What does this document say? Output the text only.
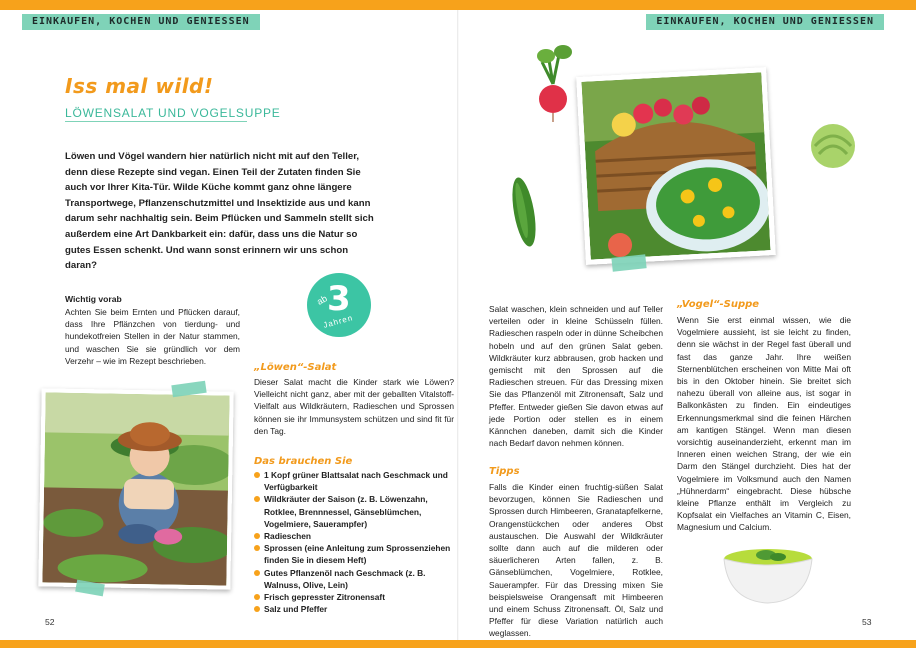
EINKAUFEN, KOCHEN UND GENIESSEN	EINKAUFEN, KOCHEN UND GENIESSEN
Iss mal wild!
LÖWENSALAT UND VOGELSUPPE

Löwen und Vögel wandern hier natürlich nicht mit auf den Teller, denn diese Rezepte sind vegan. Einen Teil der Zutaten finden Sie auch vor Ihrer Kita-Tür. Wilde Küche kommt ganz ohne längere Transportwege, Pflanzenschutzmittel und Insektizide aus und kann darum sehr nachhaltig sein. Beim Pflücken und Sammeln stellt sich außerdem eine Art Dankbarkeit ein: dafür, dass uns die Natur so gutes Essen schenkt. Und wann sonst erinnern wir uns schon daran?

ab
3
Jahren
Wichtig vorab

Achten Sie beim Ernten und Pflücken darauf, dass Ihre Pflänzchen von tierdung- und hundekotfreien Stellen in der Natur stammen, und waschen Sie sie gründlich vor dem Verzehr – wie im Rezept beschrieben.

„Löwen“-Salat

Dieser Salat macht die Kinder stark wie Löwen? Vielleicht nicht ganz, aber mit der geballten Vitalstoff-Vielfalt aus Wildkräutern, Radieschen und Sprossen können sie ihr Immunsystem schützen und sind fit für den Tag.

Das brauchen Sie
1 Kopf grüner Blattsalat nach Geschmack und Verfügbarkeit
Wildkräuter der Saison (z. B. Löwenzahn, Rotklee, Brennnessel, Gänseblümchen, Vogelmiere, Sauerampfer)
Radieschen
Sprossen (eine Anleitung zum Sprossenziehen finden Sie in diesem Heft)
Gutes Pflanzenöl nach Geschmack (z. B. Walnuss, Olive, Lein)
Frisch gepresster Zitronensaft
Salz und Pfeffer
52

Salat waschen, klein schneiden und auf Teller verteilen oder in kleine Schüsseln füllen. Radieschen raspeln oder in dünne Scheibchen hobeln und auf den grünen Salat geben. Wildkräuter kurz abbrausen, grob hacken und gemischt mit den Sprossen auf die Radieschen streuen. Für das Dressing mixen Sie das Pflanzenöl mit Zitronensaft, Salz und Pfeffer. Entweder gießen Sie davon etwas auf jede Portion oder stellen es in einem Kännchen daneben, damit sich die Kinder nach Bedarf davon nehmen können.

Tipps

Falls die Kinder einen fruchtig-süßen Salat bevorzugen, können Sie Radieschen und Sprossen durch Himbeeren, Granatapfelkerne, Orangenstückchen oder anderes Obst austauschen. Die Auswahl der Wildkräuter sollte dann auch auf die milderen oder säuerlicheren Arten fallen, z. B. Gänseblümchen, Vogelmiere, Rotklee, Sauerampfer. Für das Dressing mixen Sie beispielsweise Orangensaft mit Himbeeren und einem Schuss Zitronensaft. Öl, Salz und Pfeffer für diese Variation natürlich auch weglassen.

„Vogel“-Suppe

Wenn Sie erst einmal wissen, wie die Vogelmiere aussieht, ist sie leicht zu finden, denn sie wächst in der Regel fast überall und fast das ganze Jahr. Ihre weißen Sternenblütchen erscheinen von Mitte Mai oft bis in den Oktober hinein. Sie breitet sich nahezu überall von alleine aus, ist sogar in Balkonkästen zu finden. Ein eindeutiges Erkennungsmerkmal sind die feinen Härchen am kantigen Stängel. Wenn man diesen vorsichtig auseinanderzieht, erkennt man im Inneren einen weichen Strang, der wie ein Darm den Stängel durchzieht. Dies hat der Vogelmiere im Volksmund auch den Namen „Hühnerdarm“ eingebracht. Diese hübsche kleine Pflanze enthält im Vergleich zu Kopfsalat ein Vielfaches an Vitamin C, Eisen, Magnesium und Calcium.

53
